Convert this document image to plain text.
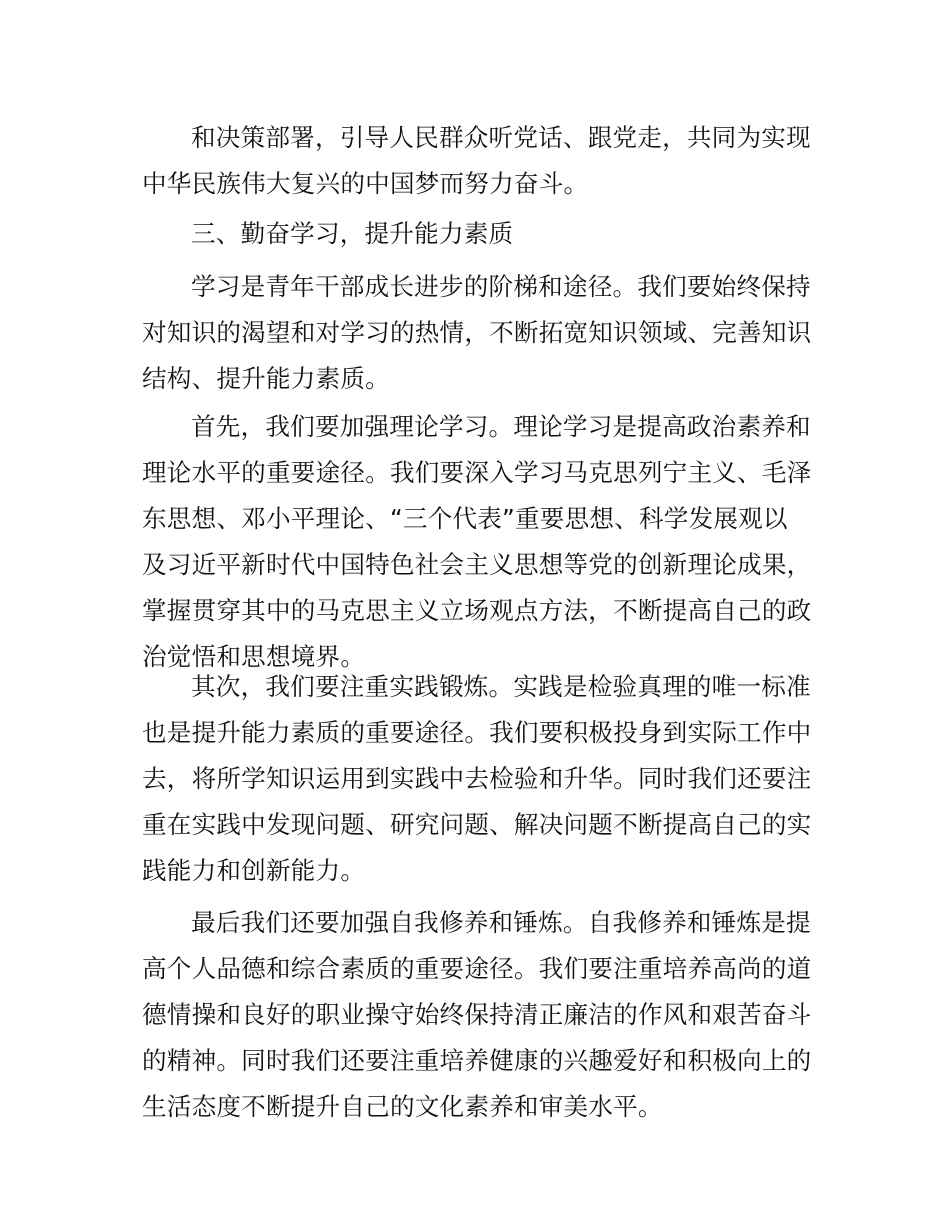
和决策部署，引导人民群众听党话、跟党走，共同为实现
中华民族伟大复兴的中国梦而努力奋斗。
三、勤奋学习，提升能力素质
学习是青年干部成长进步的阶梯和途径。我们要始终保持
对知识的渴望和对学习的热情，不断拓宽知识领域、完善知识
结构、提升能力素质。
首先，我们要加强理论学习。理论学习是提高政治素养和
理论水平的重要途径。我们要深入学习马克思列宁主义、毛泽
东思想、邓小平理论、“三个代表”重要思想、科学发展观以
及习近平新时代中国特色社会主义思想等党的创新理论成果，
掌握贯穿其中的马克思主义立场观点方法，不断提高自己的政
治觉悟和思想境界。
其次，我们要注重实践锻炼。实践是检验真理的唯一标准
也是提升能力素质的重要途径。我们要积极投身到实际工作中
去，将所学知识运用到实践中去检验和升华。同时我们还要注
重在实践中发现问题、研究问题、解决问题不断提高自己的实
践能力和创新能力。
最后我们还要加强自我修养和锤炼。自我修养和锤炼是提
高个人品德和综合素质的重要途径。我们要注重培养高尚的道
德情操和良好的职业操守始终保持清正廉洁的作风和艰苦奋斗
的精神。同时我们还要注重培养健康的兴趣爱好和积极向上的
生活态度不断提升自己的文化素养和审美水平。
